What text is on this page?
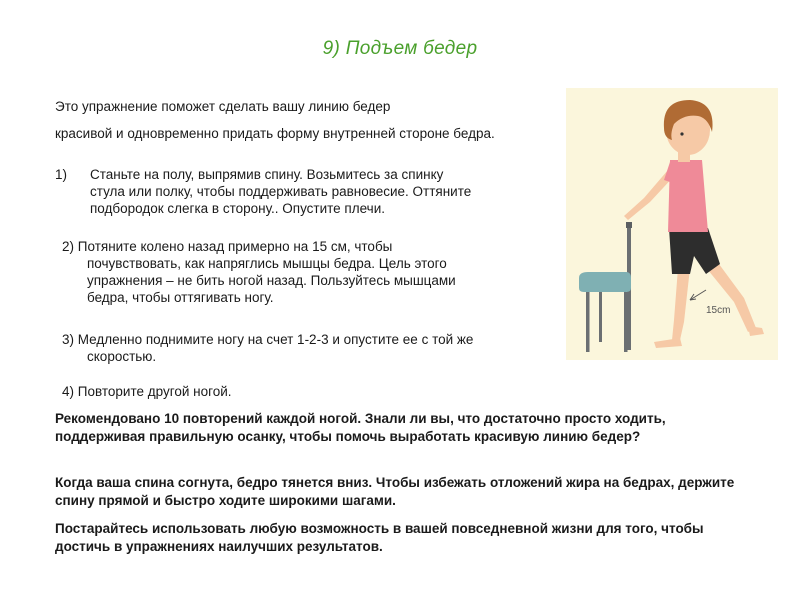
9) Подъем бедер
Это упражнение поможет сделать вашу линию бедер
красивой и одновременно придать форму внутренней стороне бедра.
1) Станьте на полу, выпрямив спину. Возьмитесь за спинку
стула или полку, чтобы поддерживать равновесие. Оттяните
подбородок слегка в сторону.. Опустите плечи.
2) Потяните колено назад примерно на 15 см, чтобы
почувствовать, как напряглись мышцы бедра. Цель этого
упражнения – не бить ногой назад. Пользуйтесь мышцами
бедра, чтобы оттягивать ногу.
3) Медленно поднимите ногу на счет 1-2-3 и опустите ее с той же
скоростью.
4) Повторите другой ногой.
Рекомендовано 10 повторений каждой ногой. Знали ли вы, что достаточно просто ходить, поддерживая правильную осанку, чтобы помочь выработать красивую линию бедер?
Когда ваша спина согнута, бедро тянется вниз. Чтобы избежать отложений жира на бедрах, держите спину прямой и быстро ходите широкими шагами.
Постарайтесь использовать любую возможность в вашей повседневной жизни для того, чтобы достичь в упражнениях наилучших результатов.
15cm
